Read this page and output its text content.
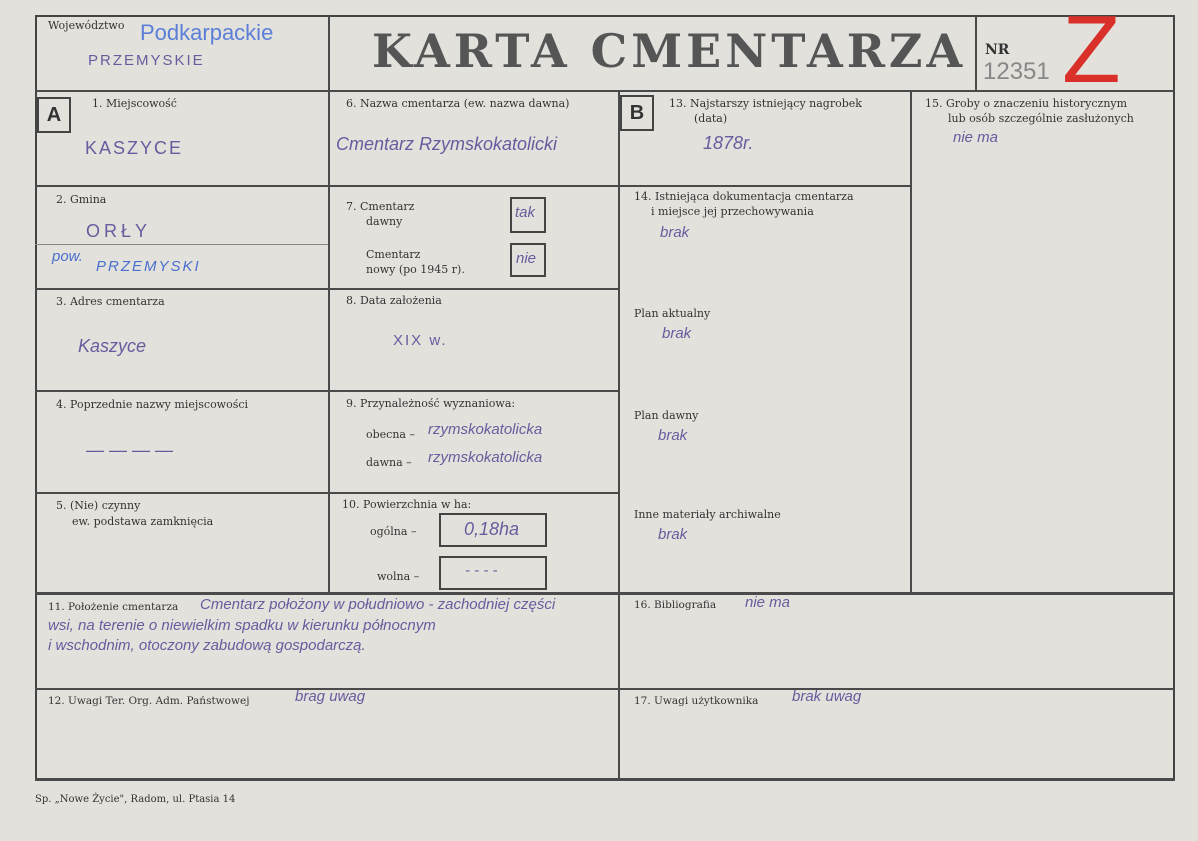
Województwo Podkarpackie
PRZEMYSKIE	KARTA CMENTARZA NR
12351 Z
A	1. Miejscowość
KASZYCE
2. Gmina
ORŁY
pow.
PRZEMYSKI
3. Adres cmentarza
Kaszyce
4. Poprzednie nazwy miejscowości
— — — —
5. (Nie) czynny
ew. podstawa zamknięcia
6. Nazwa cmentarza (ew. nazwa dawna)
Cmentarz Rzymskokatolicki
7. Cmentarz
dawny
tak
Cmentarz
nowy (po 1945 r).
nie
8. Data założenia
XIX w.
9. Przynależność wyznaniowa:
obecna – rzymskokatolicka
dawna – rzymskokatolicka
10. Powierzchnia w ha:
ogólna –	0,18ha
wolna –	- - - -
B	13. Najstarszy istniejący nagrobek
(data)
1878r.
14. Istniejąca dokumentacja cmentarza
i miejsce jej przechowywania
brak
Plan aktualny
brak
Plan dawny
brak
Inne materiały archiwalne
brak
15. Groby o znaczeniu historycznym
lub osób szczególnie zasłużonych
nie ma
11. Położenie cmentarza Cmentarz położony w południowo - zachodniej części
wsi, na terenie o niewielkim spadku w kierunku północnym
i wschodnim, otoczony zabudową gospodarczą.
16. Bibliografia nie ma
12. Uwagi Ter. Org. Adm. Państwowej	brag uwag	17. Uwagi użytkownika brak uwag
Sp. „Nowe Życie", Radom, ul. Ptasia 14
